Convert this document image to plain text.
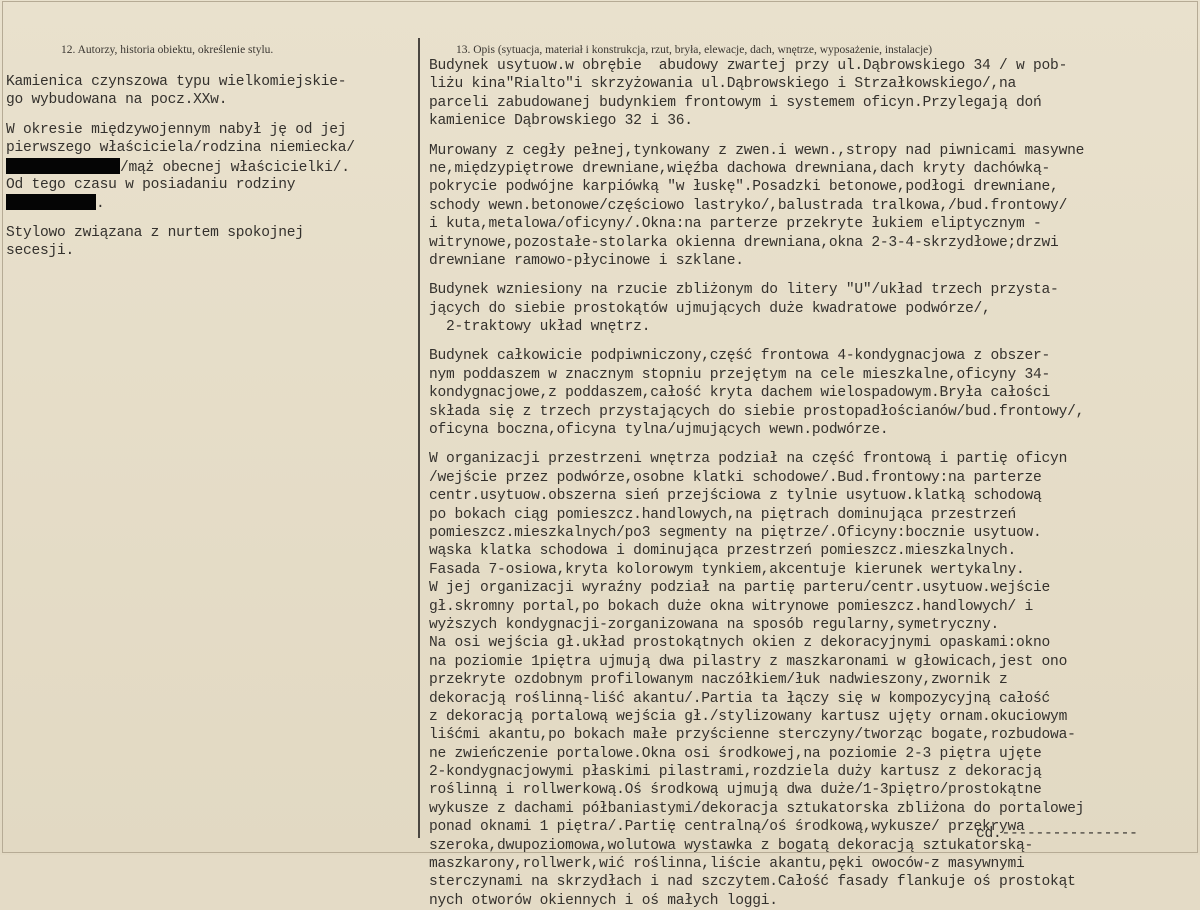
12. Autorzy, historia obiektu, określenie stylu.	13. Opis (sytuacja, materiał i konstrukcja, rzut, bryła, elewacje, dach, wnętrze, wyposażenie, instalacje)
Kamienica czynszowa typu wielkomiejskie-
go wybudowana na pocz.XXw.
W okresie międzywojennym nabył ję od jej
pierwszego właściciela/rodzina niemiecka/
/mąż obecnej właścicielki/.
Od tego czasu w posiadaniu rodziny
.
Stylowo związana z nurtem spokojnej
secesji.
Budynek usytuow.w obrębie  abudowy zwartej przy ul.Dąbrowskiego 34 / w pob-
liżu kina"Rialto"i skrzyżowania ul.Dąbrowskiego i Strzałkowskiego/,na
parceli zabudowanej budynkiem frontowym i systemem oficyn.Przylegają doń
kamienice Dąbrowskiego 32 i 36.
Murowany z cegły pełnej,tynkowany z zwen.i wewn.,stropy nad piwnicami masywne
ne,międzypiętrowe drewniane,więźba dachowa drewniana,dach kryty dachówką-
pokrycie podwójne karpiówką "w łuskę".Posadzki betonowe,podłogi drewniane,
schody wewn.betonowe/częściowo lastryko/,balustrada tralkowa,/bud.frontowy/
i kuta,metalowa/oficyny/.Okna:na parterze przekryte łukiem eliptycznym -
witrynowe,pozostałe-stolarka okienna drewniana,okna 2-3-4-skrzydłowe;drzwi
drewniane ramowo-płycinowe i szklane.
Budynek wzniesiony na rzucie zbliżonym do litery "U"/układ trzech przysta-
jących do siebie prostokątów ujmujących duże kwadratowe podwórze/,
2-traktowy układ wnętrz.
Budynek całkowicie podpiwniczony,część frontowa 4-kondygnacjowa z obszer-
nym poddaszem w znacznym stopniu przejętym na cele mieszkalne,oficyny 34-
kondygnacjowe,z poddaszem,całość kryta dachem wielospadowym.Bryła całości
składa się z trzech przystających do siebie prostopadłościanów/bud.frontowy/,
oficyna boczna,oficyna tylna/ujmujących wewn.podwórze.
W organizacji przestrzeni wnętrza podział na część frontową i partię oficyn
/wejście przez podwórze,osobne klatki schodowe/.Bud.frontowy:na parterze
centr.usytuow.obszerna sień przejściowa z tylnie usytuow.klatką schodową
po bokach ciąg pomieszcz.handlowych,na piętrach dominująca przestrzeń
pomieszcz.mieszkalnych/po3 segmenty na piętrze/.Oficyny:bocznie usytuow.
wąska klatka schodowa i dominująca przestrzeń pomieszcz.mieszkalnych.
Fasada 7-osiowa,kryta kolorowym tynkiem,akcentuje kierunek wertykalny.
W jej organizacji wyraźny podział na partię parteru/centr.usytuow.wejście
gł.skromny portal,po bokach duże okna witrynowe pomieszcz.handlowych/ i
wyższych kondygnacji-zorganizowana na sposób regularny,symetryczny.
Na osi wejścia gł.układ prostokątnych okien z dekoracyjnymi opaskami:okno
na poziomie 1piętra ujmują dwa pilastry z maszkaronami w głowicach,jest ono
przekryte ozdobnym profilowanym naczółkiem/łuk nadwieszony,zwornik z
dekoracją roślinną-liść akantu/.Partia ta łączy się w kompozycyjną całość
z dekoracją portalową wejścia gł./stylizowany kartusz ujęty ornam.okuciowym
liśćmi akantu,po bokach małe przyścienne sterczyny/tworząc bogate,rozbudowa-
ne zwieńczenie portalowe.Okna osi środkowej,na poziomie 2-3 piętra ujęte
2-kondygnacjowymi płaskimi pilastrami,rozdziela duży kartusz z dekoracją
roślinną i rollwerkową.Oś środkową ujmują dwa duże/1-3piętro/prostokątne
wykusze z dachami półbaniastymi/dekoracja sztukatorska zbliżona do portalowej
ponad oknami 1 piętra/.Partię centralną/oś środkową,wykusze/ przekrywa
szeroka,dwupoziomowa,wolutowa wystawka z bogatą dekoracją sztukatorską-
maszkarony,rollwerk,wić roślinna,liście akantu,pęki owoców-z masywnymi
sterczynami na skrzydłach i nad szczytem.Całość fasady flankuje oś prostokąt
nych otworów okiennych i oś małych loggi.
cd.----------------
